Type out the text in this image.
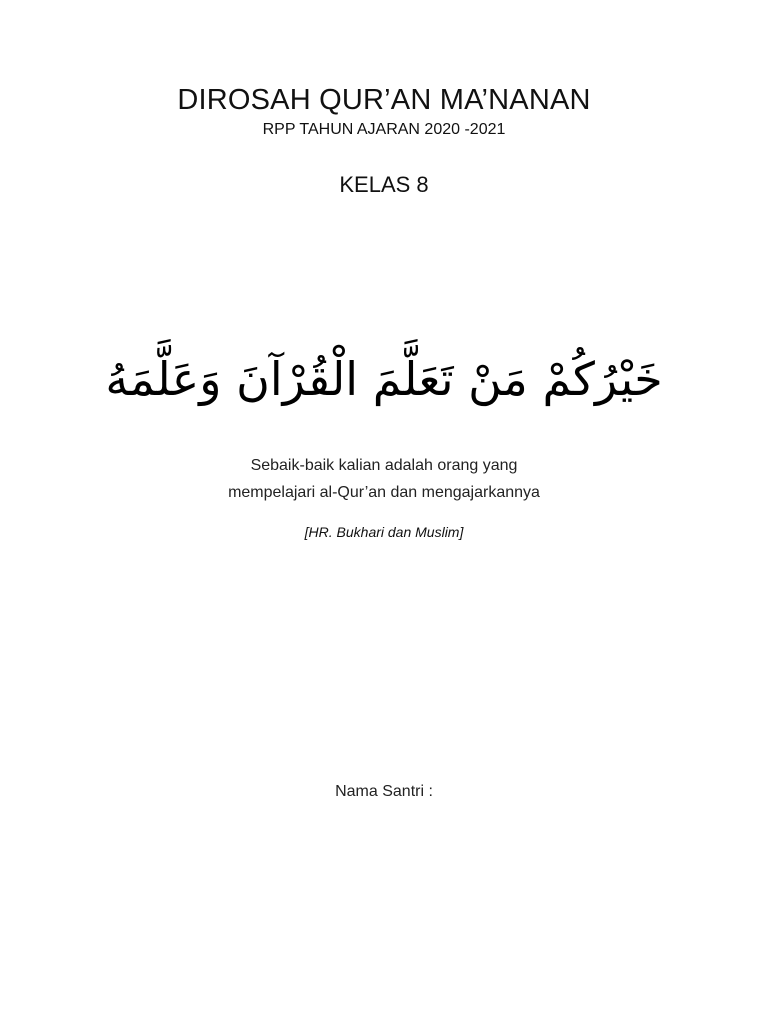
DIROSAH QUR’AN MA’NANAN
RPP TAHUN AJARAN 2020 -2021
KELAS 8
خَيْرُكُمْ مَنْ تَعَلَّمَ الْقُرْآنَ وَعَلَّمَهُ
Sebaik-baik kalian adalah orang yang
mempelajari al-Qur’an dan mengajarkannya
[HR. Bukhari dan Muslim]
Nama Santri :
